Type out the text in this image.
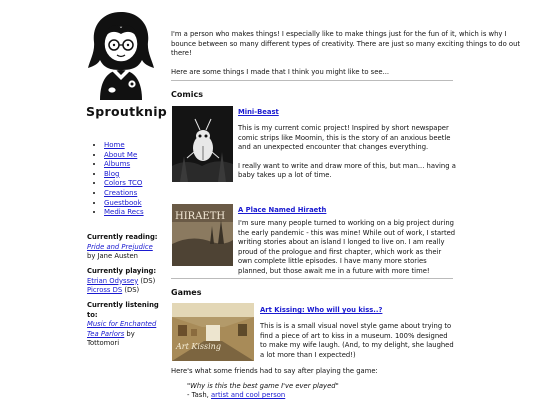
Sproutknip
• Home
• About Me
• Albums
• Blog
• Colors TCO
• Creations
• Guestbook
• Media Recs
Currently reading:
Pride and Prejudice
by Jane Austen
Currently playing:
Etrian Odyssey (DS)
Picross DS (DS)
Currently listening to:
Music for Enchanted Tea Parlors by Tottomori

I'm a person who makes things! I especially like to make things just for the fun of it, which is why I bounce between so many different types of creativity. There are just so many exciting things to do out there!

Here are some things I made that I think you might like to see...

Comics
Mini-Beast

This is my current comic project! Inspired by short newspaper comic strips like Moomin, this is the story of an anxious beetle and an unexpected encounter that changes everything.

I really want to write and draw more of this, but man... having a baby takes up a lot of time.

HIRAETH
A Place Named Hiraeth

I'm sure many people turned to working on a big project during the early pandemic - this was mine! While out of work, I started writing stories about an island I longed to live on. I am really proud of the prologue and first chapter, which work as their own complete little episodes. I have many more stories planned, but those await me in a future with more time!

Games
Art Kissing
Art Kissing: Who will you kiss..?

This is is a small visual novel style game about trying to find a piece of art to kiss in a museum. 100% designed to make my wife laugh. (And, to my delight, she laughed a lot more than I expected!)

Here's what some friends had to say after playing the game:
"Why is this the best game I've ever played"
- Tash, artist and cool person
